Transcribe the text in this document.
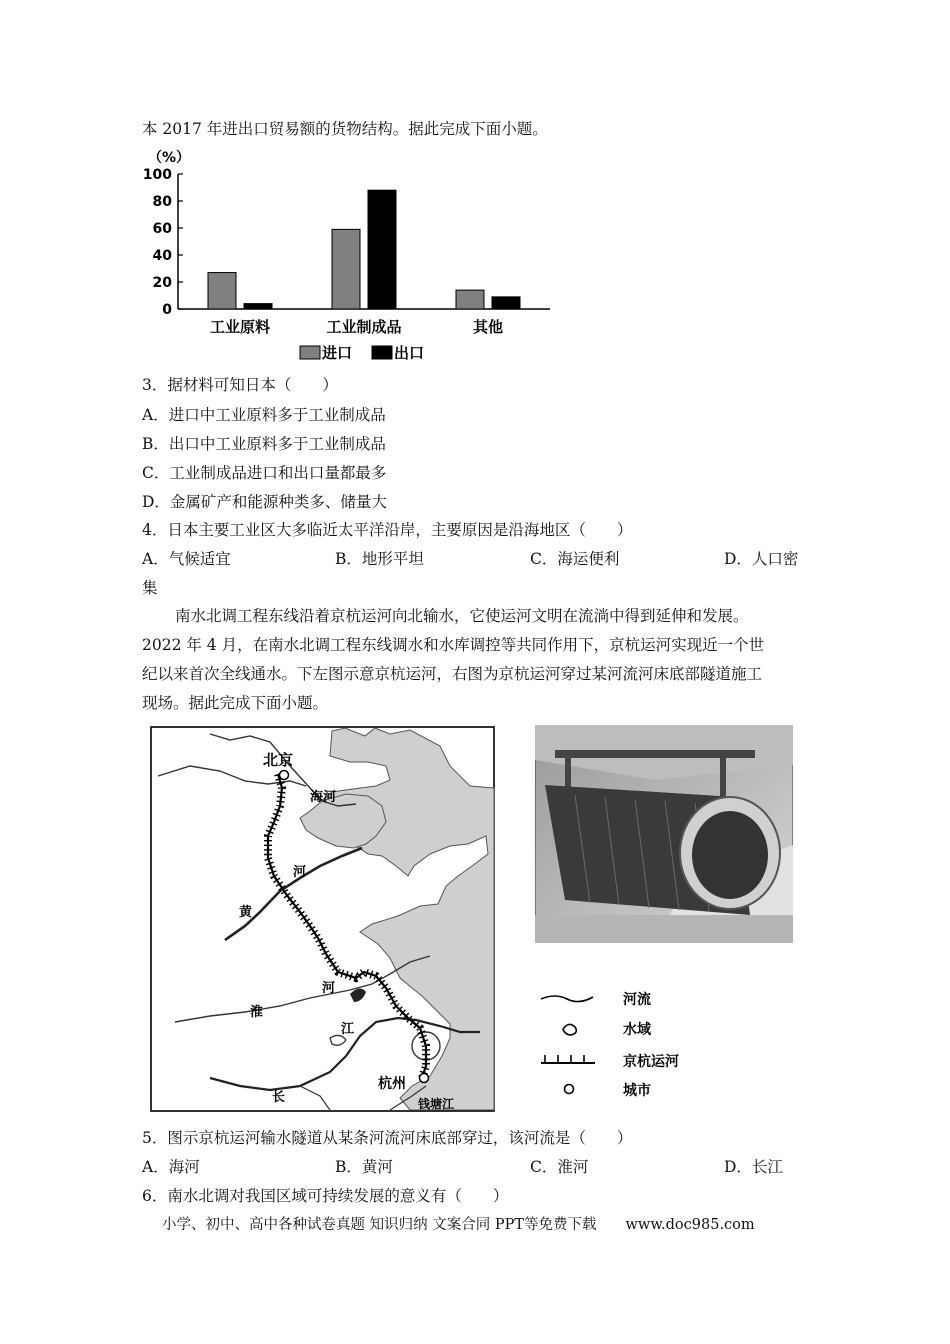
本 2017 年进出口贸易额的货物结构。据此完成下面小题。
（%）
0
20
40
60
80
100
工业原料	工业制成品	其他
进口	出口
3．据材料可知日本（　　）
A．进口中工业原料多于工业制成品
B．出口中工业原料多于工业制成品
C．工业制成品进口和出口量都最多
D．金属矿产和能源种类多、储量大
4．日本主要工业区大多临近太平洋沿岸，主要原因是沿海地区（　　）
A．气候适宜	B．地形平坦	C．海运便利	D．人口密
集
南水北调工程东线沿着京杭运河向北输水，它使运河文明在流淌中得到延伸和发展。
2022 年 4 月，在南水北调工程东线调水和水库调控等共同作用下，京杭运河实现近一个世
纪以来首次全线通水。下左图示意京杭运河，右图为京杭运河穿过某河流河床底部隧道施工
现场。据此完成下面小题。
北京
海河
河
黄
淮
河
江
长
杭州
钱塘江
河流
水域
京杭运河
城市
5．图示京杭运河输水隧道从某条河流河床底部穿过，该河流是（　　）
A．海河	B．黄河	C．淮河	D．长江
6．南水北调对我国区域可持续发展的意义有（　　）
小学、初中、高中各种试卷真题 知识归纳 文案合同 PPT等免费下载　　www.doc985.com
